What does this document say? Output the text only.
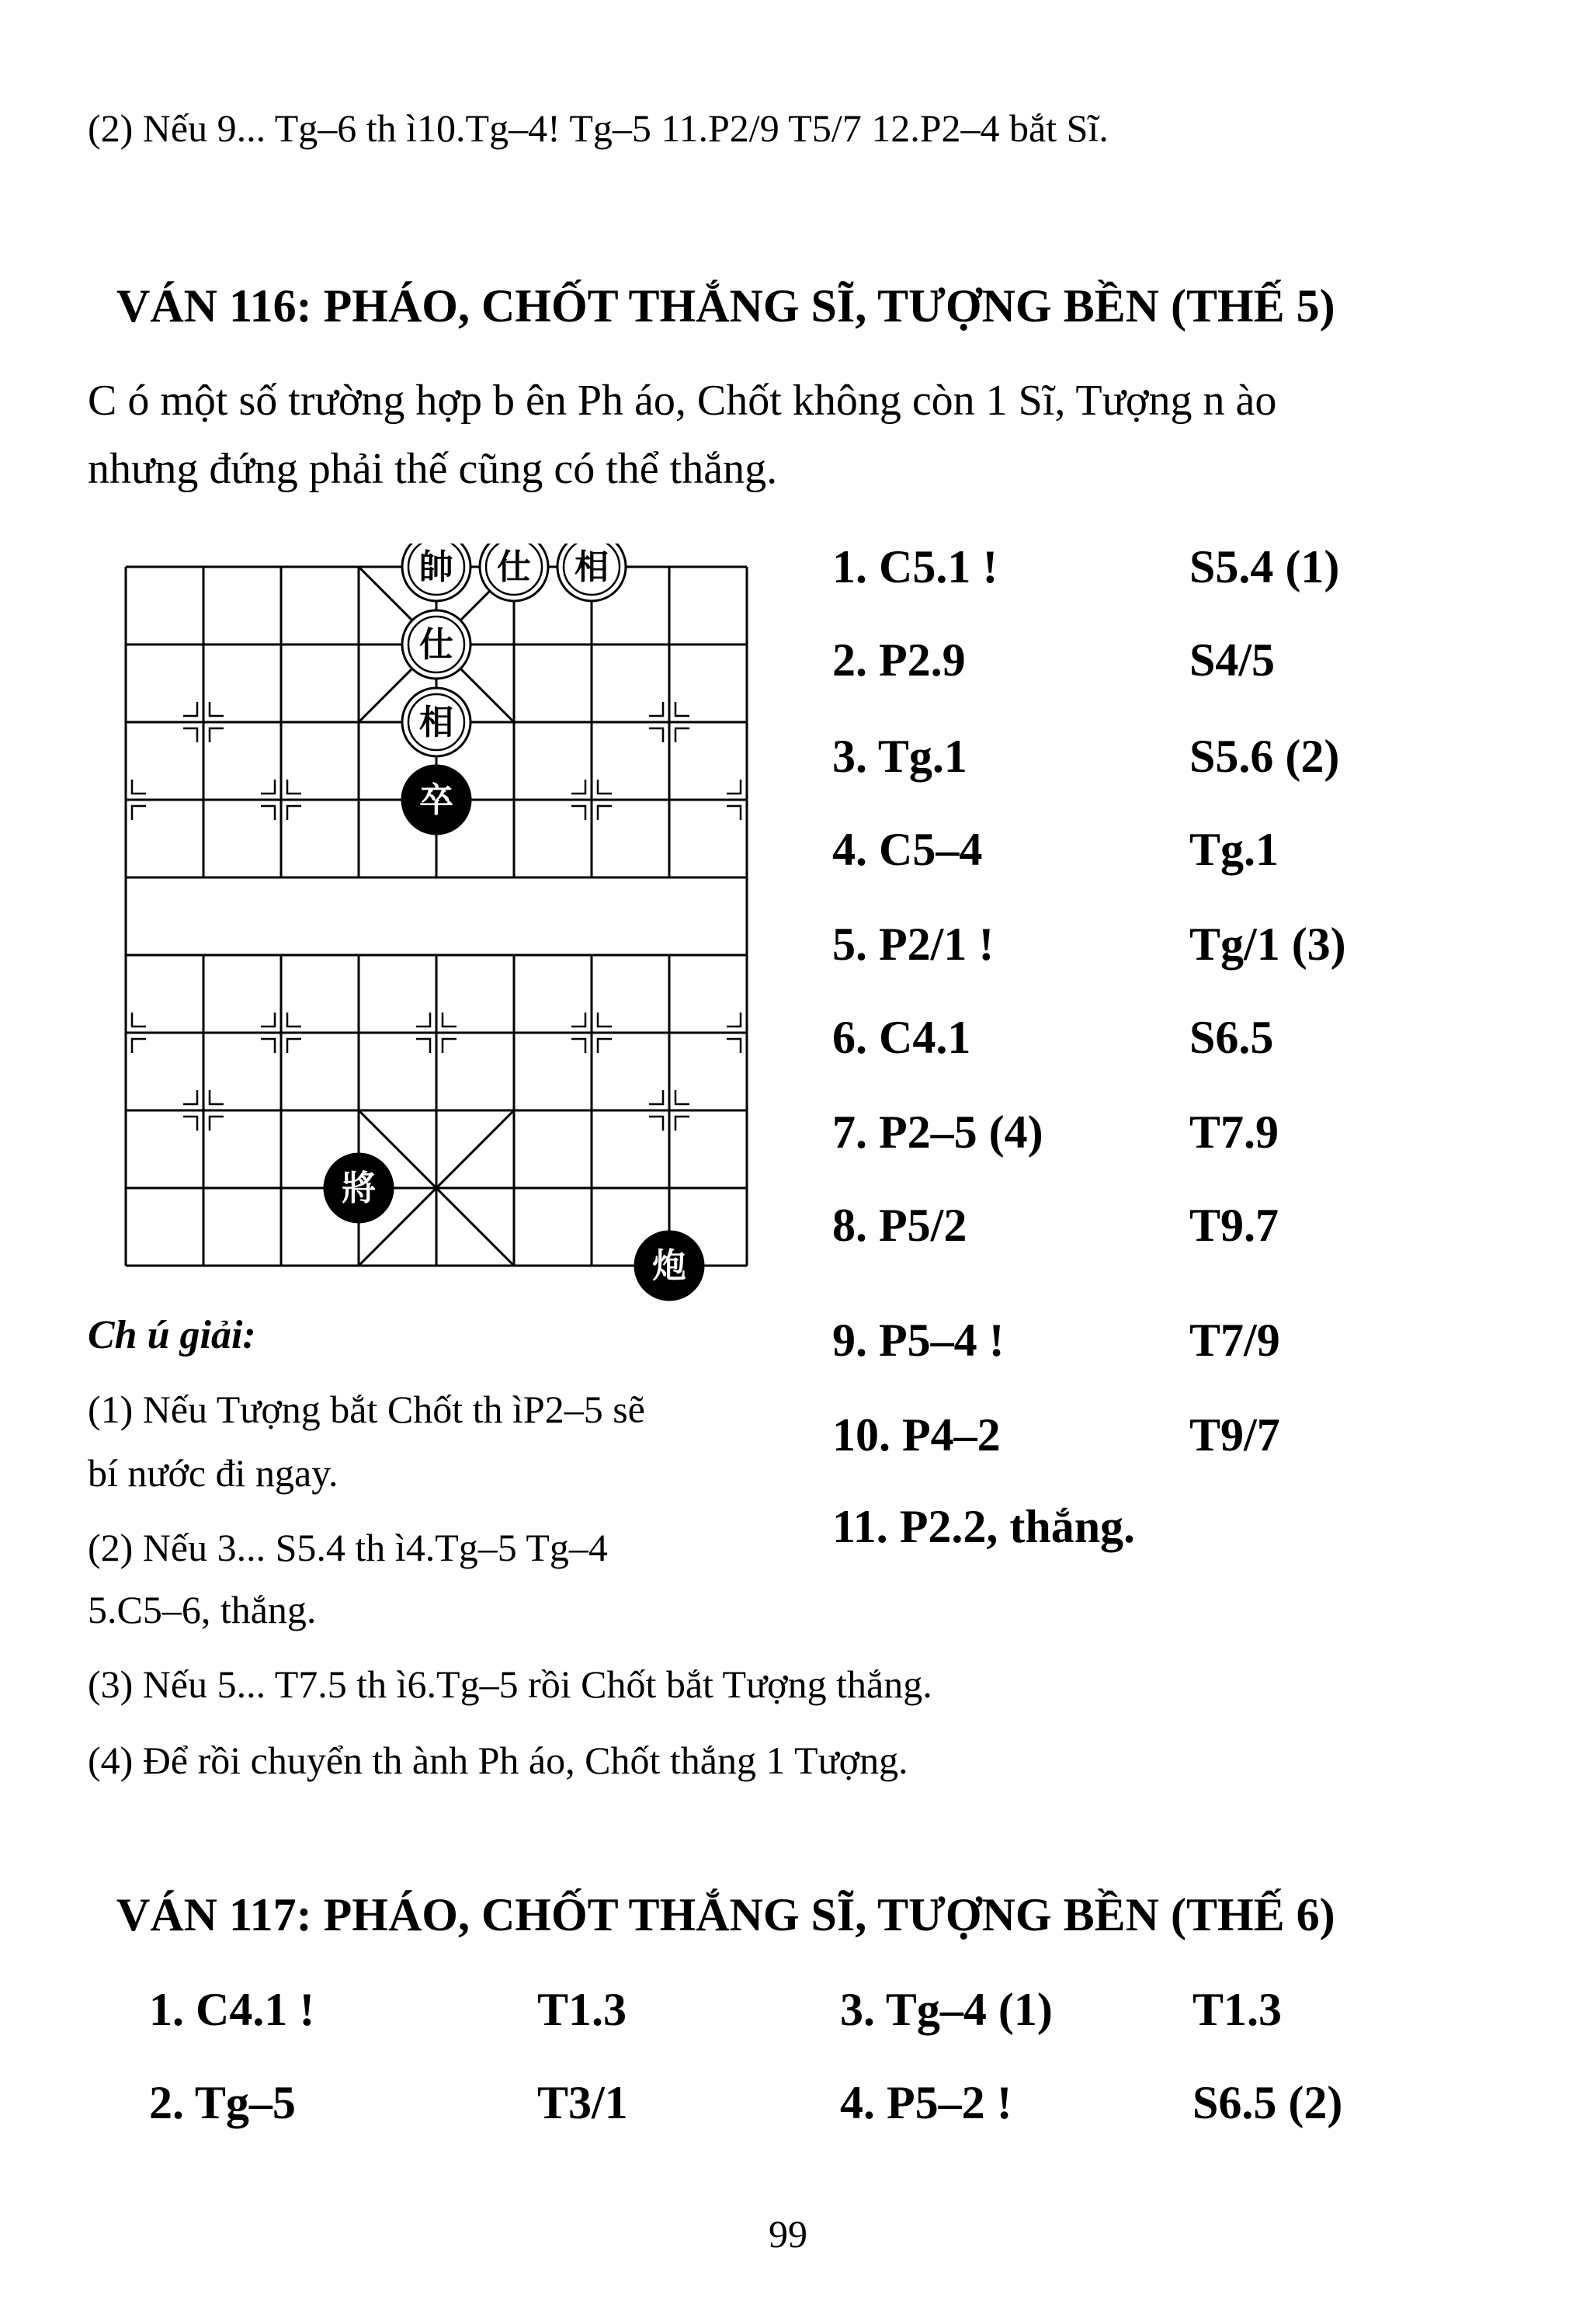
(2) Nếu 9... Tg–6 th ì10.Tg–4! Tg–5 11.P2/9 T5/7 12.P2–4 bắt Sĩ.
VÁN 116: PHÁO, CHỐT THẮNG SĨ, TƯỢNG BỀN (THẾ 5)
C ó một số trường hợp b ên Ph áo, Chốt không còn 1 Sĩ, Tượng n ào
nhưng đứng phải thế cũng có thể thắng.
帥 仕 相
仕
相
卒
將
炮
1. C5.1 !	S5.4 (1)
2. P2.9	S4/5
3. Tg.1	S5.6 (2)
4. C5–4	Tg.1
5. P2/1 !	Tg/1 (3)
6. C4.1	S6.5
7. P2–5 (4)	T7.9
8. P5/2	T9.7
9. P5–4 !	T7/9
10. P4–2	T9/7
11. P2.2, thắng.
Ch ú giải:
(1) Nếu Tượng bắt Chốt th ìP2–5 sẽ
bí nước đi ngay.
(2) Nếu 3... S5.4 th ì4.Tg–5 Tg–4
5.C5–6, thắng.
(3) Nếu 5... T7.5 th ì6.Tg–5 rồi Chốt bắt Tượng thắng.
(4) Để rồi chuyển th ành Ph áo, Chốt thắng 1 Tượng.
VÁN 117: PHÁO, CHỐT THẮNG SĨ, TƯỢNG BỀN (THẾ 6)
1. C4.1 !	T1.3	3. Tg–4 (1)	T1.3
2. Tg–5	T3/1	4. P5–2 !	S6.5 (2)
99
